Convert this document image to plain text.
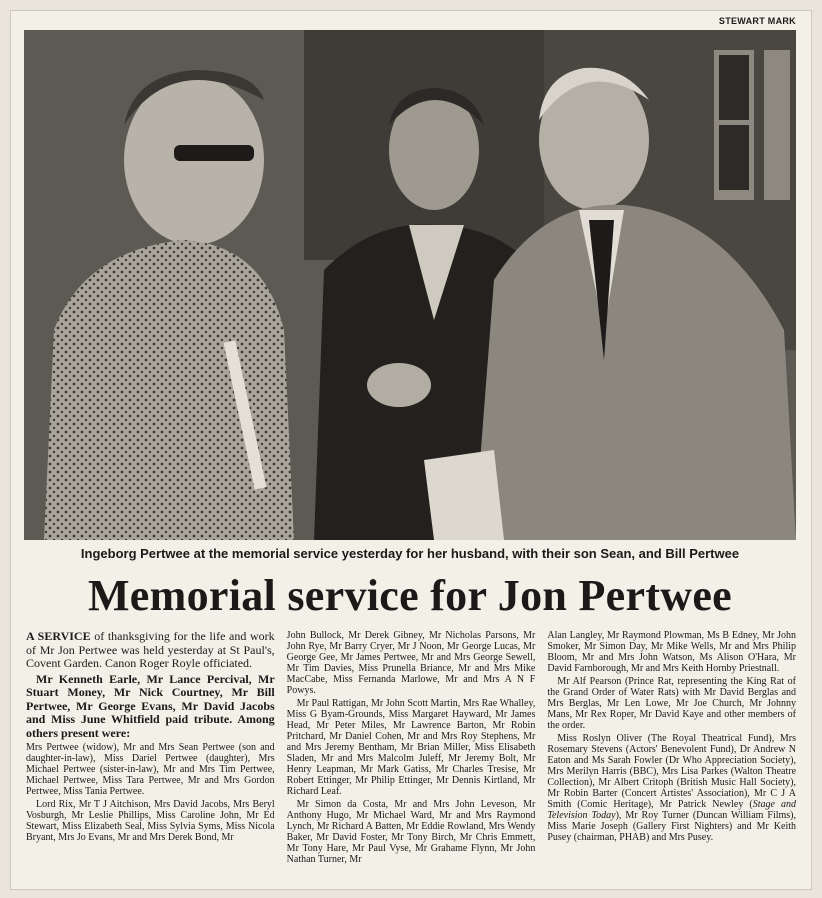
STEWART MARK
Ingeborg Pertwee at the memorial service yesterday for her husband, with their son Sean, and Bill Pertwee
Memorial service for Jon Pertwee

A SERVICE of thanksgiving for the life and work of Mr Jon Pertwee was held yesterday at St Paul's, Covent Garden. Canon Roger Royle officiated.

Mr Kenneth Earle, Mr Lance Percival, Mr Stuart Money, Mr Nick Courtney, Mr Bill Pertwee, Mr George Evans, Mr David Jacobs and Miss June Whitfield paid tribute. Among others present were:

Mrs Pertwee (widow), Mr and Mrs Sean Pertwee (son and daughter-in-law), Miss Dariel Pertwee (daughter), Mrs Michael Pertwee (sister-in-law), Mr and Mrs Tim Pertwee, Michael Pertwee, Miss Tara Pertwee, Mr and Mrs Gordon Pertwee, Miss Tania Pertwee.

Lord Rix, Mr T J Aitchison, Mrs David Jacobs, Mrs Beryl Vosburgh, Mr Leslie Phillips, Miss Caroline John, Mr Ed Stewart, Miss Elizabeth Seal, Miss Sylvia Syms, Miss Nicola Bryant, Mrs Jo Evans, Mr and Mrs Derek Bond, Mr

John Bullock, Mr Derek Gibney, Mr Nicholas Parsons, Mr John Rye, Mr Barry Cryer, Mr J Noon, Mr George Lucas, Mr George Gee, Mr James Pertwee, Mr and Mrs George Sewell, Mr Tim Davies, Miss Prunella Briance, Mr and Mrs Mike MacCabe, Miss Fernanda Marlowe, Mr and Mrs A N F Powys.

Mr Paul Rattigan, Mr John Scott Martin, Mrs Rae Whalley, Miss G Byam-Grounds, Miss Margaret Hayward, Mr James Head, Mr Peter Miles, Mr Lawrence Barton, Mr Robin Pritchard, Mr Daniel Cohen, Mr and Mrs Roy Stephens, Mr and Mrs Jeremy Bentham, Mr Brian Miller, Miss Elisabeth Sladen, Mr and Mrs Malcolm Juleff, Mr Jeremy Bolt, Mr Henry Leapman, Mr Mark Gatiss, Mr Charles Tresise, Mr Robert Ettinger, Mr Philip Ettinger, Mr Dennis Kirtland, Mr Richard Leaf.

Mr Simon da Costa, Mr and Mrs John Leveson, Mr Anthony Hugo, Mr Michael Ward, Mr and Mrs Raymond Lynch, Mr Richard A Batten, Mr Eddie Rowland, Mrs Wendy Baker, Mr David Foster, Mr Tony Birch, Mr Chris Emmett, Mr Tony Hare, Mr Paul Vyse, Mr Grahame Flynn, Mr John Nathan Turner, Mr

Alan Langley, Mr Raymond Plowman, Ms B Edney, Mr John Smoker, Mr Simon Day, Mr Mike Wells, Mr and Mrs Philip Bloom, Mr and Mrs John Watson, Ms Alison O'Hara, Mr David Farnborough, Mr and Mrs Keith Hornby Priestnall.

Mr Alf Pearson (Prince Rat, representing the King Rat of the Grand Order of Water Rats) with Mr David Berglas and Mrs Berglas, Mr Len Lowe, Mr Joe Church, Mr Johnny Mans, Mr Rex Roper, Mr David Kaye and other members of the order.

Miss Roslyn Oliver (The Royal Theatrical Fund), Mrs Rosemary Stevens (Actors' Benevolent Fund), Dr Andrew N Eaton and Ms Sarah Fowler (Dr Who Appreciation Society), Mrs Merilyn Harris (BBC), Mrs Lisa Parkes (Walton Theatre Collection), Mr Albert Critoph (British Music Hall Society), Mr Robin Barter (Concert Artistes' Association), Mr C J A Smith (Comic Heritage), Mr Patrick Newley (Stage and Television Today), Mr Roy Turner (Duncan William Films), Miss Marie Joseph (Gallery First Nighters) and Mr Keith Pusey (chairman, PHAB) and Mrs Pusey.
